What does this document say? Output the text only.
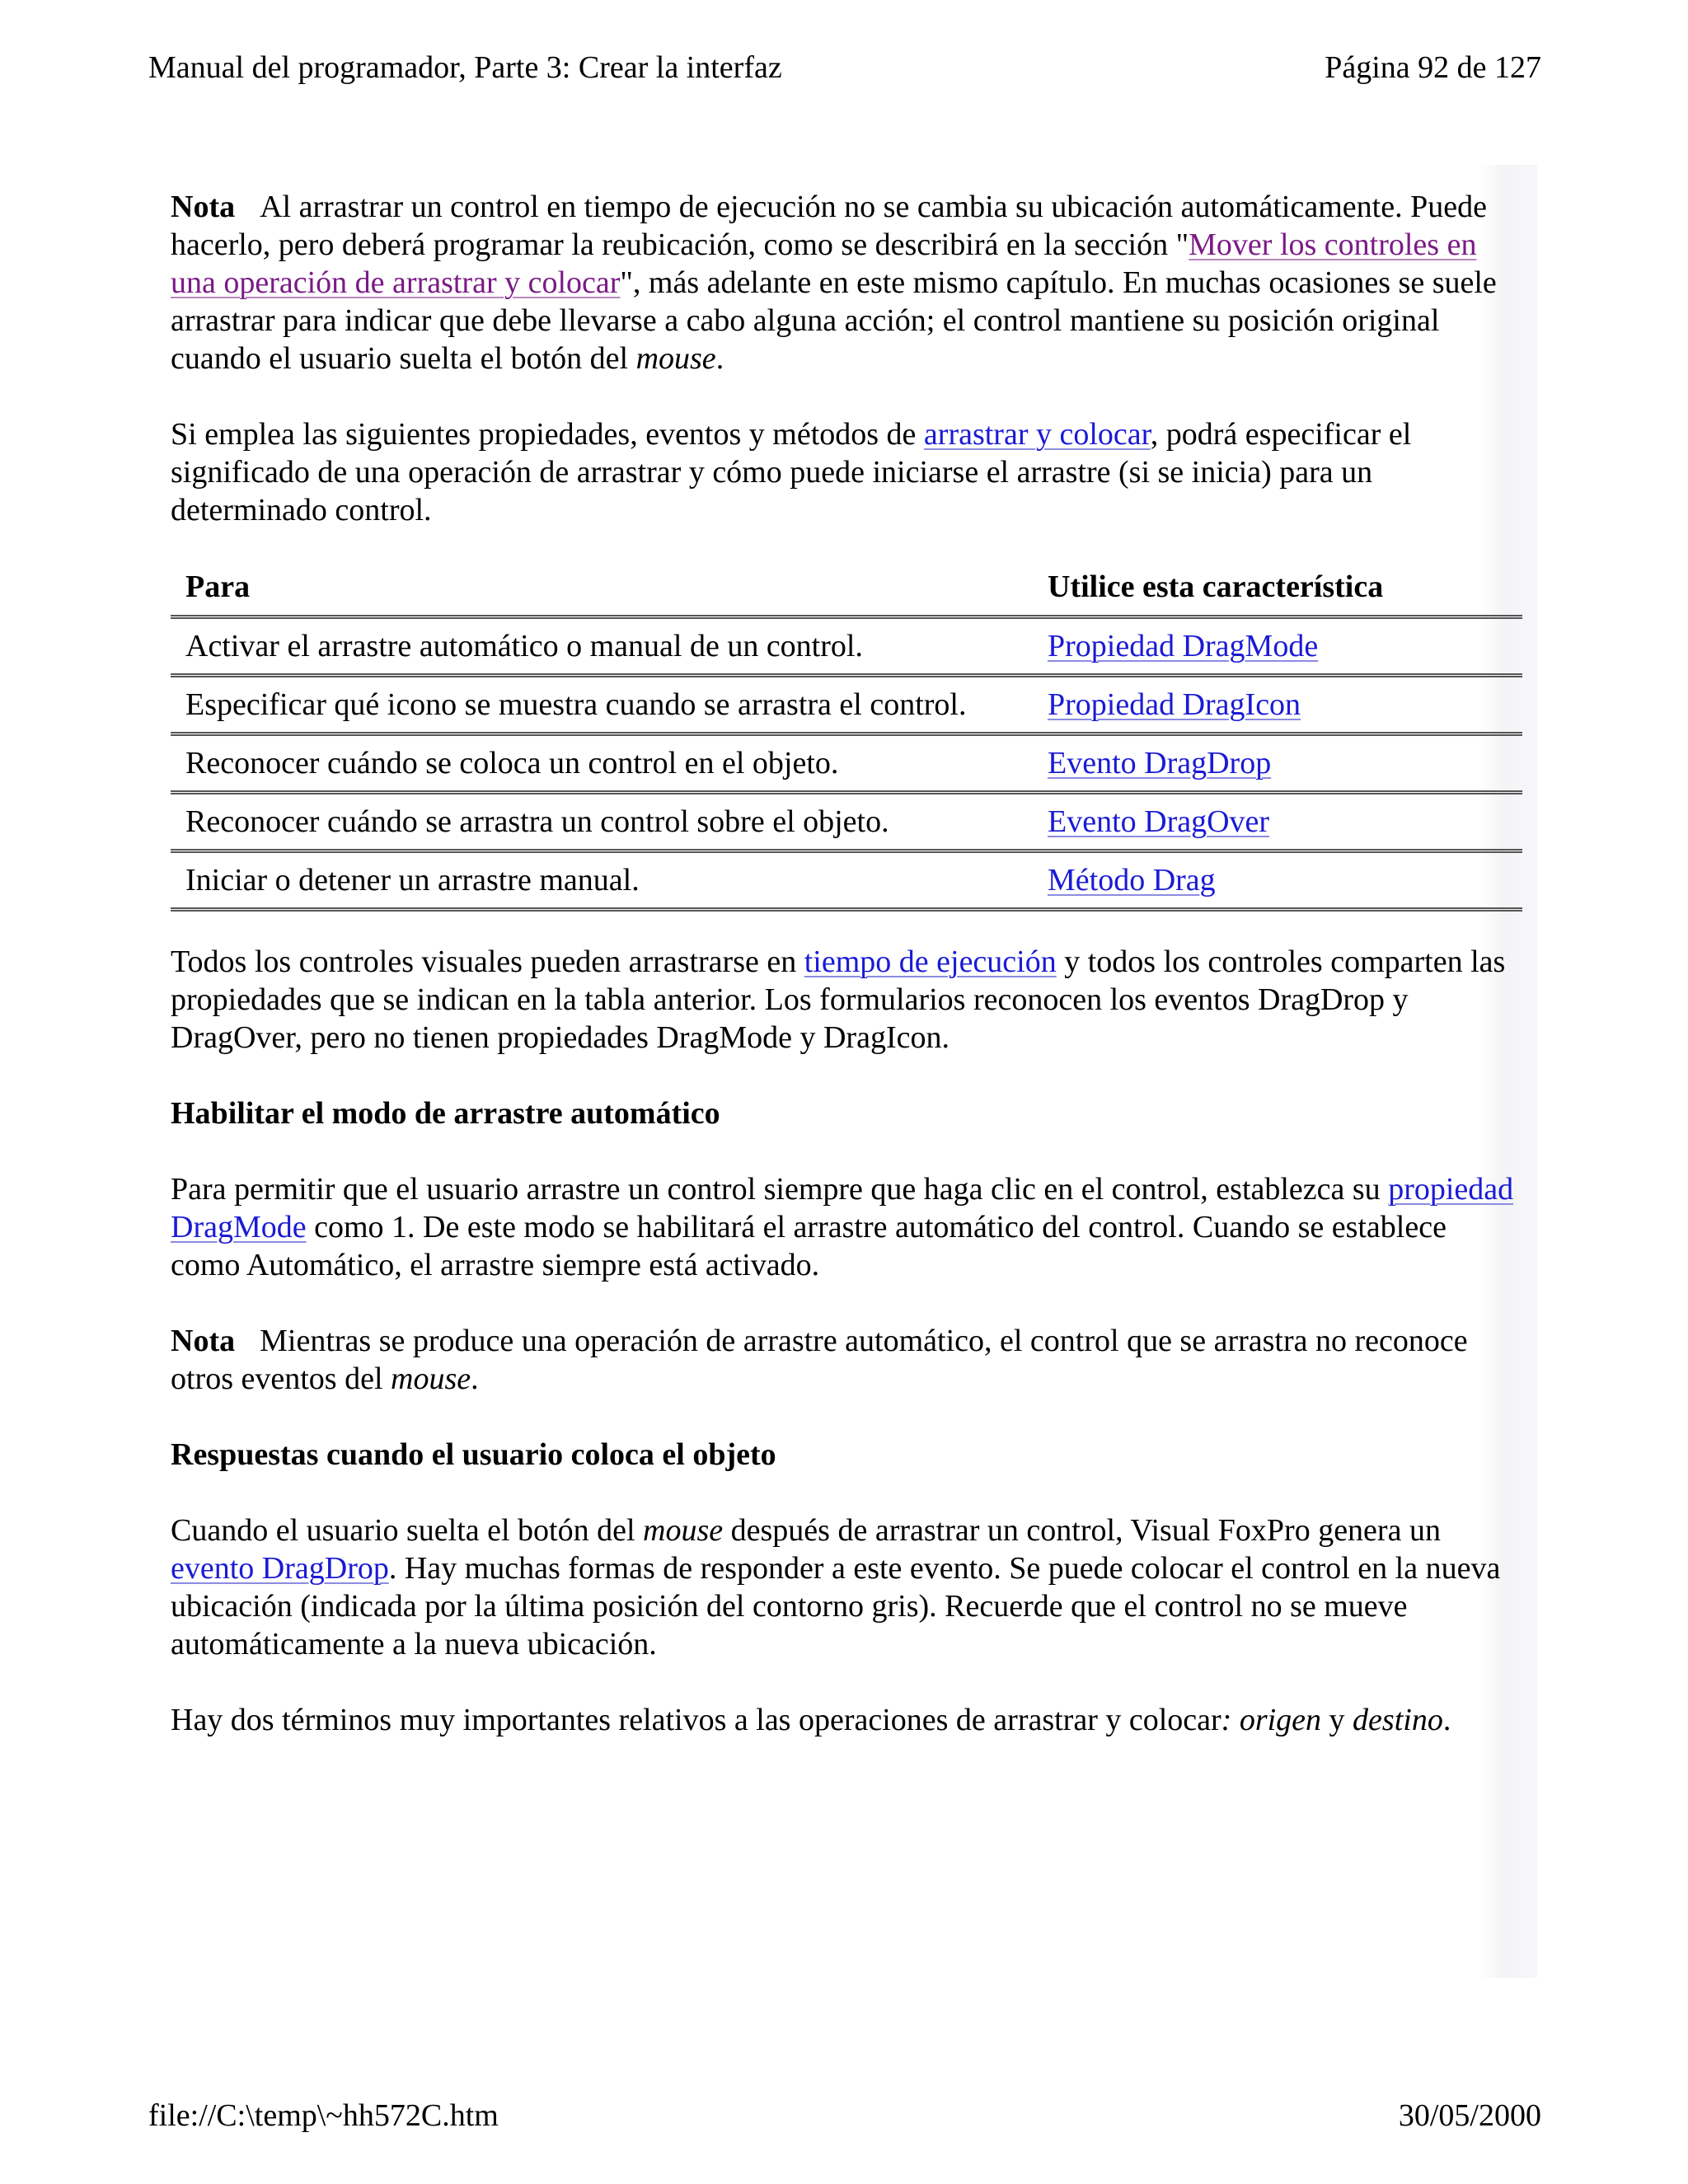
Manual del programador, Parte 3: Crear la interfaz	Página 92 de 127

Nota Al arrastrar un control en tiempo de ejecución no se cambia su ubicación automáticamente. Puede hacerlo, pero deberá programar la reubicación, como se describirá en la sección "Mover los controles en una operación de arrastrar y colocar", más adelante en este mismo capítulo. En muchas ocasiones se suele arrastrar para indicar que debe llevarse a cabo alguna acción; el control mantiene su posición original cuando el usuario suelta el botón del mouse.

Si emplea las siguientes propiedades, eventos y métodos de arrastrar y colocar, podrá especificar el significado de una operación de arrastrar y cómo puede iniciarse el arrastre (si se inicia) para un determinado control.

Para	Utilice esta característica
Activar el arrastre automático o manual de un control.	Propiedad DragMode
Especificar qué icono se muestra cuando se arrastra el control.	Propiedad DragIcon
Reconocer cuándo se coloca un control en el objeto.	Evento DragDrop
Reconocer cuándo se arrastra un control sobre el objeto.	Evento DragOver
Iniciar o detener un arrastre manual.	Método Drag

Todos los controles visuales pueden arrastrarse en tiempo de ejecución y todos los controles comparten las propiedades que se indican en la tabla anterior. Los formularios reconocen los eventos DragDrop y DragOver, pero no tienen propiedades DragMode y DragIcon.

Habilitar el modo de arrastre automático

Para permitir que el usuario arrastre un control siempre que haga clic en el control, establezca su propiedad DragMode como 1. De este modo se habilitará el arrastre automático del control. Cuando se establece como Automático, el arrastre siempre está activado.

Nota Mientras se produce una operación de arrastre automático, el control que se arrastra no reconoce otros eventos del mouse.

Respuestas cuando el usuario coloca el objeto

Cuando el usuario suelta el botón del mouse después de arrastrar un control, Visual FoxPro genera un evento DragDrop. Hay muchas formas de responder a este evento. Se puede colocar el control en la nueva ubicación (indicada por la última posición del contorno gris). Recuerde que el control no se mueve automáticamente a la nueva ubicación.

Hay dos términos muy importantes relativos a las operaciones de arrastrar y colocar: origen y destino.

file://C:\temp\~hh572C.htm	30/05/2000
